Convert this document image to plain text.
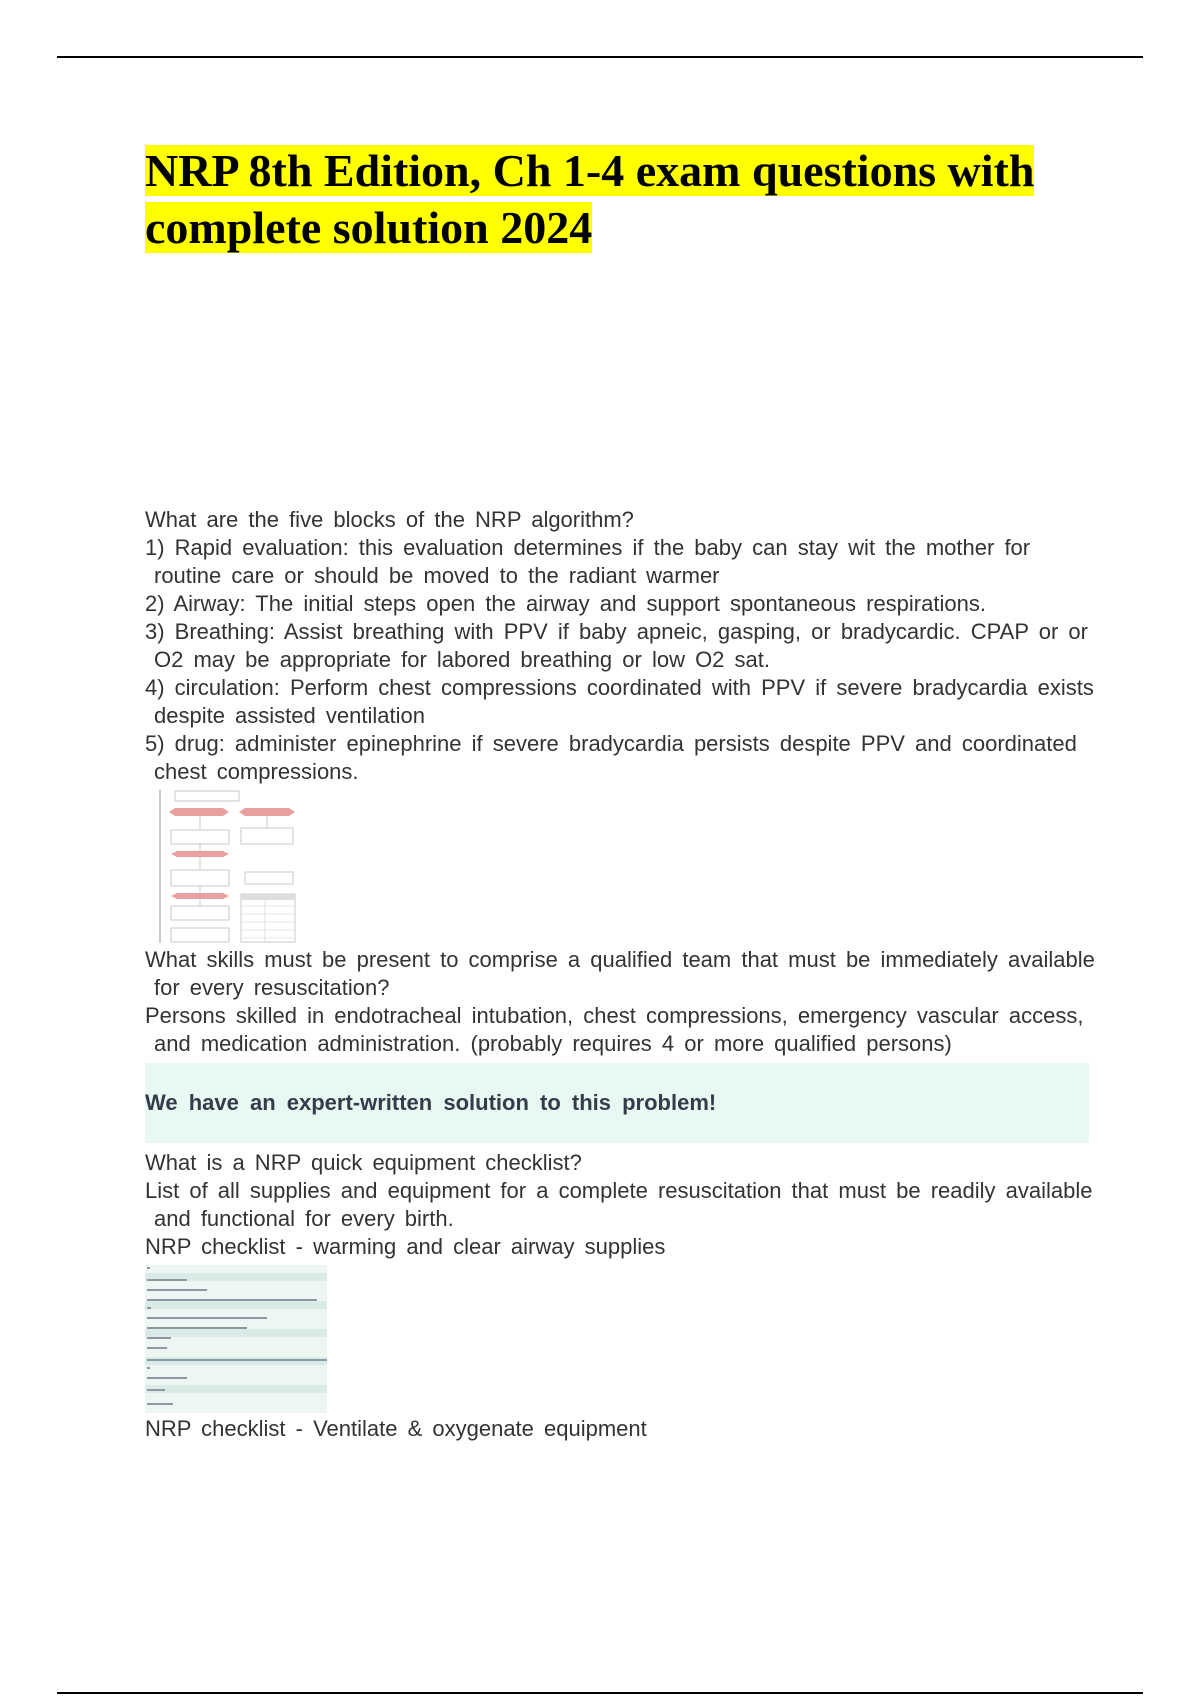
NRP 8th Edition, Ch 1-4 exam questions with complete solution 2024

What are the five blocks of the NRP algorithm?

1) Rapid evaluation: this evaluation determines if the baby can stay wit the mother for routine care or should be moved to the radiant warmer

2) Airway: The initial steps open the airway and support spontaneous respirations.

3) Breathing: Assist breathing with PPV if baby apneic, gasping, or bradycardic. CPAP or or O2 may be appropriate for labored breathing or low O2 sat.

4) circulation: Perform chest compressions coordinated with PPV if severe bradycardia exists despite assisted ventilation

5) drug: administer epinephrine if severe bradycardia persists despite PPV and coordinated chest compressions.

What skills must be present to comprise a qualified team that must be immediately available for every resuscitation?

Persons skilled in endotracheal intubation, chest compressions, emergency vascular access, and medication administration. (probably requires 4 or more qualified persons)

We have an expert-written solution to this problem!

What is a NRP quick equipment checklist?

List of all supplies and equipment for a complete resuscitation that must be readily available and functional for every birth.

NRP checklist - warming and clear airway supplies

NRP checklist - Ventilate & oxygenate equipment
